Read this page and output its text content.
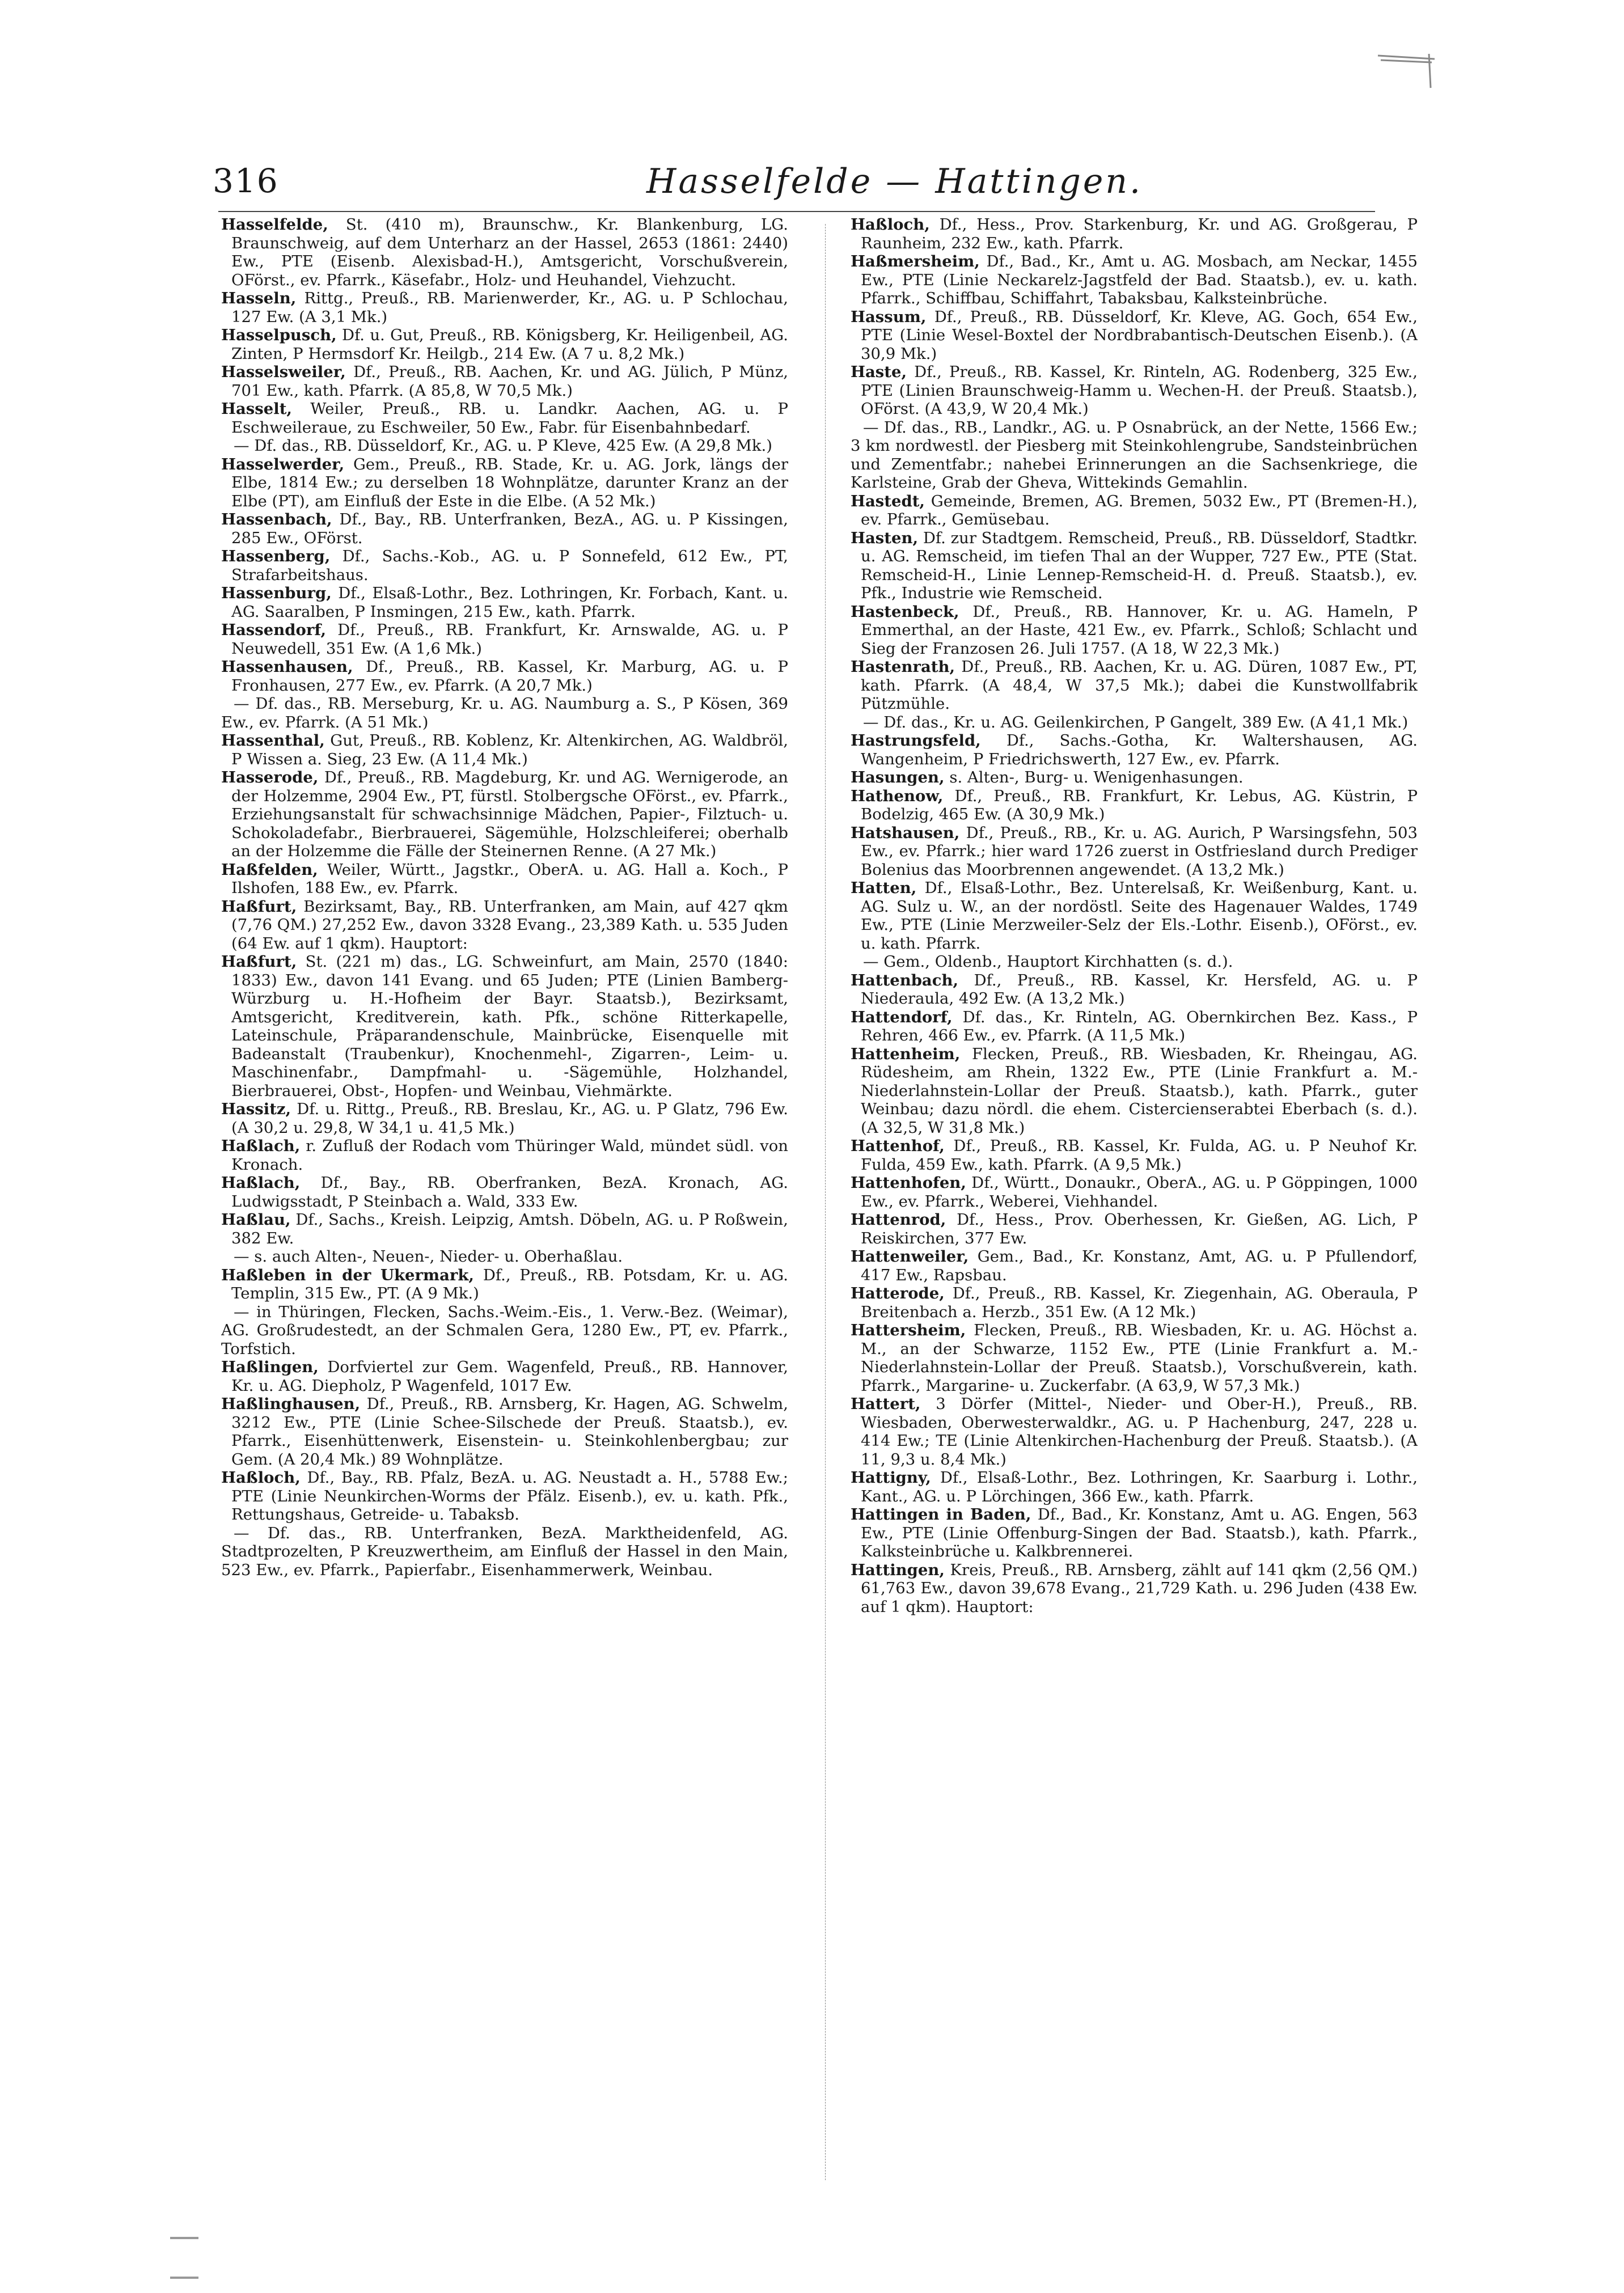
316	Hasselfelde — Hattingen.

Hasselfelde, St. (410 m), Braunschw., Kr. Blankenburg, LG. Braunschweig, auf dem Unterharz an der Hassel, 2653 (1861: 2440) Ew., PTE (Eisenb. Alexisbad-H.), Amtsgericht, Vorschußverein, OFörst., ev. Pfarrk., Käsefabr., Holz- und Heuhandel, Viehzucht.

Hasseln, Rittg., Preuß., RB. Marienwerder, Kr., AG. u. P Schlochau, 127 Ew. (A 3,1 Mk.)

Hasselpusch, Df. u. Gut, Preuß., RB. Königsberg, Kr. Heiligenbeil, AG. Zinten, P Hermsdorf Kr. Heilgb., 214 Ew. (A 7 u. 8,2 Mk.)

Hasselsweiler, Df., Preuß., RB. Aachen, Kr. und AG. Jülich, P Münz, 701 Ew., kath. Pfarrk. (A 85,8, W 70,5 Mk.)

Hasselt, Weiler, Preuß., RB. u. Landkr. Aachen, AG. u. P Eschweileraue, zu Eschweiler, 50 Ew., Fabr. für Eisenbahnbedarf.

— Df. das., RB. Düsseldorf, Kr., AG. u. P Kleve, 425 Ew. (A 29,8 Mk.)

Hasselwerder, Gem., Preuß., RB. Stade, Kr. u. AG. Jork, längs der Elbe, 1814 Ew.; zu derselben 18 Wohnplätze, darunter Kranz an der Elbe (PT), am Einfluß der Este in die Elbe. (A 52 Mk.)

Hassenbach, Df., Bay., RB. Unterfranken, BezA., AG. u. P Kissingen, 285 Ew., OFörst.

Hassenberg, Df., Sachs.-Kob., AG. u. P Sonnefeld, 612 Ew., PT, Strafarbeitshaus.

Hassenburg, Df., Elsaß-Lothr., Bez. Lothringen, Kr. Forbach, Kant. u. AG. Saaralben, P Insmingen, 215 Ew., kath. Pfarrk.

Hassendorf, Df., Preuß., RB. Frankfurt, Kr. Arnswalde, AG. u. P Neuwedell, 351 Ew. (A 1,6 Mk.)

Hassenhausen, Df., Preuß., RB. Kassel, Kr. Marburg, AG. u. P Fronhausen, 277 Ew., ev. Pfarrk. (A 20,7 Mk.)

— Df. das., RB. Merseburg, Kr. u. AG. Naumburg a. S., P Kösen, 369 Ew., ev. Pfarrk. (A 51 Mk.)

Hassenthal, Gut, Preuß., RB. Koblenz, Kr. Altenkirchen, AG. Waldbröl, P Wissen a. Sieg, 23 Ew. (A 11,4 Mk.)

Hasserode, Df., Preuß., RB. Magdeburg, Kr. und AG. Wernigerode, an der Holzemme, 2904 Ew., PT, fürstl. Stolbergsche OFörst., ev. Pfarrk., Erziehungsanstalt für schwachsinnige Mädchen, Papier-, Filztuch- u. Schokoladefabr., Bierbrauerei, Sägemühle, Holzschleiferei; oberhalb an der Holzemme die Fälle der Steinernen Renne. (A 27 Mk.)

Haßfelden, Weiler, Württ., Jagstkr., OberA. u. AG. Hall a. Koch., P Ilshofen, 188 Ew., ev. Pfarrk.

Haßfurt, Bezirksamt, Bay., RB. Unterfranken, am Main, auf 427 qkm (7,76 QM.) 27,252 Ew., davon 3328 Evang., 23,389 Kath. u. 535 Juden (64 Ew. auf 1 qkm). Hauptort:

Haßfurt, St. (221 m) das., LG. Schweinfurt, am Main, 2570 (1840: 1833) Ew., davon 141 Evang. und 65 Juden; PTE (Linien Bamberg-Würzburg u. H.-Hofheim der Bayr. Staatsb.), Bezirksamt, Amtsgericht, Kreditverein, kath. Pfk., schöne Ritterkapelle, Lateinschule, Präparandenschule, Mainbrücke, Eisenquelle mit Badeanstalt (Traubenkur), Knochenmehl-, Zigarren-, Leim- u. Maschinenfabr., Dampfmahl- u. -Sägemühle, Holzhandel, Bierbrauerei, Obst-, Hopfen- und Weinbau, Viehmärkte.

Hassitz, Df. u. Rittg., Preuß., RB. Breslau, Kr., AG. u. P Glatz, 796 Ew. (A 30,2 u. 29,8, W 34,1 u. 41,5 Mk.)

Haßlach, r. Zufluß der Rodach vom Thüringer Wald, mündet südl. von Kronach.

Haßlach, Df., Bay., RB. Oberfranken, BezA. Kronach, AG. Ludwigsstadt, P Steinbach a. Wald, 333 Ew.

Haßlau, Df., Sachs., Kreish. Leipzig, Amtsh. Döbeln, AG. u. P Roßwein, 382 Ew.

— s. auch Alten-, Neuen-, Nieder- u. Oberhaßlau.

Haßleben in der Ukermark, Df., Preuß., RB. Potsdam, Kr. u. AG. Templin, 315 Ew., PT. (A 9 Mk.)

— in Thüringen, Flecken, Sachs.-Weim.-Eis., 1. Verw.-Bez. (Weimar), AG. Großrudestedt, an der Schmalen Gera, 1280 Ew., PT, ev. Pfarrk., Torfstich.

Haßlingen, Dorfviertel zur Gem. Wagenfeld, Preuß., RB. Hannover, Kr. u. AG. Diepholz, P Wagenfeld, 1017 Ew.

Haßlinghausen, Df., Preuß., RB. Arnsberg, Kr. Hagen, AG. Schwelm, 3212 Ew., PTE (Linie Schee-Silschede der Preuß. Staatsb.), ev. Pfarrk., Eisenhüttenwerk, Eisenstein- u. Steinkohlenbergbau; zur Gem. (A 20,4 Mk.) 89 Wohnplätze.

Haßloch, Df., Bay., RB. Pfalz, BezA. u. AG. Neustadt a. H., 5788 Ew.; PTE (Linie Neunkirchen-Worms der Pfälz. Eisenb.), ev. u. kath. Pfk., Rettungshaus, Getreide- u. Tabaksb.

— Df. das., RB. Unterfranken, BezA. Marktheidenfeld, AG. Stadtprozelten, P Kreuzwertheim, am Einfluß der Hassel in den Main, 523 Ew., ev. Pfarrk., Papierfabr., Eisenhammerwerk, Weinbau.

Haßloch, Df., Hess., Prov. Starkenburg, Kr. und AG. Großgerau, P Raunheim, 232 Ew., kath. Pfarrk.

Haßmersheim, Df., Bad., Kr., Amt u. AG. Mosbach, am Neckar, 1455 Ew., PTE (Linie Neckarelz-Jagstfeld der Bad. Staatsb.), ev. u. kath. Pfarrk., Schiffbau, Schiffahrt, Tabaksbau, Kalksteinbrüche.

Hassum, Df., Preuß., RB. Düsseldorf, Kr. Kleve, AG. Goch, 654 Ew., PTE (Linie Wesel-Boxtel der Nordbrabantisch-Deutschen Eisenb.). (A 30,9 Mk.)

Haste, Df., Preuß., RB. Kassel, Kr. Rinteln, AG. Rodenberg, 325 Ew., PTE (Linien Braunschweig-Hamm u. Wechen-H. der Preuß. Staatsb.), OFörst. (A 43,9, W 20,4 Mk.)

— Df. das., RB., Landkr., AG. u. P Osnabrück, an der Nette, 1566 Ew.; 3 km nordwestl. der Piesberg mit Steinkohlengrube, Sandsteinbrüchen und Zementfabr.; nahebei Erinnerungen an die Sachsenkriege, die Karlsteine, Grab der Gheva, Wittekinds Gemahlin.

Hastedt, Gemeinde, Bremen, AG. Bremen, 5032 Ew., PT (Bremen-H.), ev. Pfarrk., Gemüsebau.

Hasten, Df. zur Stadtgem. Remscheid, Preuß., RB. Düsseldorf, Stadtkr. u. AG. Remscheid, im tiefen Thal an der Wupper, 727 Ew., PTE (Stat. Remscheid-H., Linie Lennep-Remscheid-H. d. Preuß. Staatsb.), ev. Pfk., Industrie wie Remscheid.

Hastenbeck, Df., Preuß., RB. Hannover, Kr. u. AG. Hameln, P Emmerthal, an der Haste, 421 Ew., ev. Pfarrk., Schloß; Schlacht und Sieg der Franzosen 26. Juli 1757. (A 18, W 22,3 Mk.)

Hastenrath, Df., Preuß., RB. Aachen, Kr. u. AG. Düren, 1087 Ew., PT, kath. Pfarrk. (A 48,4, W 37,5 Mk.); dabei die Kunstwollfabrik Pützmühle.

— Df. das., Kr. u. AG. Geilenkirchen, P Gangelt, 389 Ew. (A 41,1 Mk.)

Hastrungsfeld, Df., Sachs.-Gotha, Kr. Waltershausen, AG. Wangenheim, P Friedrichswerth, 127 Ew., ev. Pfarrk.

Hasungen, s. Alten-, Burg- u. Wenigenhasungen.

Hathenow, Df., Preuß., RB. Frankfurt, Kr. Lebus, AG. Küstrin, P Bodelzig, 465 Ew. (A 30,9 Mk.)

Hatshausen, Df., Preuß., RB., Kr. u. AG. Aurich, P Warsingsfehn, 503 Ew., ev. Pfarrk.; hier ward 1726 zuerst in Ostfriesland durch Prediger Bolenius das Moorbrennen angewendet. (A 13,2 Mk.)

Hatten, Df., Elsaß-Lothr., Bez. Unterelsaß, Kr. Weißenburg, Kant. u. AG. Sulz u. W., an der nordöstl. Seite des Hagenauer Waldes, 1749 Ew., PTE (Linie Merzweiler-Selz der Els.-Lothr. Eisenb.), OFörst., ev. u. kath. Pfarrk.

— Gem., Oldenb., Hauptort Kirchhatten (s. d.).

Hattenbach, Df., Preuß., RB. Kassel, Kr. Hersfeld, AG. u. P Niederaula, 492 Ew. (A 13,2 Mk.)

Hattendorf, Df. das., Kr. Rinteln, AG. Obernkirchen Bez. Kass., P Rehren, 466 Ew., ev. Pfarrk. (A 11,5 Mk.)

Hattenheim, Flecken, Preuß., RB. Wiesbaden, Kr. Rheingau, AG. Rüdesheim, am Rhein, 1322 Ew., PTE (Linie Frankfurt a. M.-Niederlahnstein-Lollar der Preuß. Staatsb.), kath. Pfarrk., guter Weinbau; dazu nördl. die ehem. Cistercienserabtei Eberbach (s. d.). (A 32,5, W 31,8 Mk.)

Hattenhof, Df., Preuß., RB. Kassel, Kr. Fulda, AG. u. P Neuhof Kr. Fulda, 459 Ew., kath. Pfarrk. (A 9,5 Mk.)

Hattenhofen, Df., Württ., Donaukr., OberA., AG. u. P Göppingen, 1000 Ew., ev. Pfarrk., Weberei, Viehhandel.

Hattenrod, Df., Hess., Prov. Oberhessen, Kr. Gießen, AG. Lich, P Reiskirchen, 377 Ew.

Hattenweiler, Gem., Bad., Kr. Konstanz, Amt, AG. u. P Pfullendorf, 417 Ew., Rapsbau.

Hatterode, Df., Preuß., RB. Kassel, Kr. Ziegenhain, AG. Oberaula, P Breitenbach a. Herzb., 351 Ew. (A 12 Mk.)

Hattersheim, Flecken, Preuß., RB. Wiesbaden, Kr. u. AG. Höchst a. M., an der Schwarze, 1152 Ew., PTE (Linie Frankfurt a. M.-Niederlahnstein-Lollar der Preuß. Staatsb.), Vorschußverein, kath. Pfarrk., Margarine- u. Zuckerfabr. (A 63,9, W 57,3 Mk.)

Hattert, 3 Dörfer (Mittel-, Nieder- und Ober-H.), Preuß., RB. Wiesbaden, Oberwesterwaldkr., AG. u. P Hachenburg, 247, 228 u. 414 Ew.; TE (Linie Altenkirchen-Hachenburg der Preuß. Staatsb.). (A 11, 9,3 u. 8,4 Mk.)

Hattigny, Df., Elsaß-Lothr., Bez. Lothringen, Kr. Saarburg i. Lothr., Kant., AG. u. P Lörchingen, 366 Ew., kath. Pfarrk.

Hattingen in Baden, Df., Bad., Kr. Konstanz, Amt u. AG. Engen, 563 Ew., PTE (Linie Offenburg-Singen der Bad. Staatsb.), kath. Pfarrk., Kalksteinbrüche u. Kalkbrennerei.

Hattingen, Kreis, Preuß., RB. Arnsberg, zählt auf 141 qkm (2,56 QM.) 61,763 Ew., davon 39,678 Evang., 21,729 Kath. u. 296 Juden (438 Ew. auf 1 qkm). Hauptort:
